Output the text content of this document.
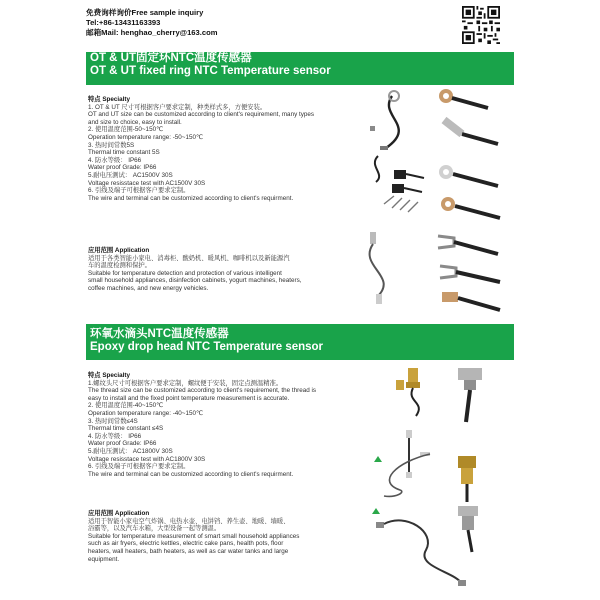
免费询样询价Free sample inquiry
Tel:+86-13431163393
邮箱Mail: henghao_cherry@163.com
OT & UT固定环NTC温度传感器
OT & UT fixed ring NTC Temperature sensor
特点 Specialty
1. OT & UT 尺寸可根据客户要求定制，种类样式多，方便安装。
OT and UT size can be customized according to client's requirement, many types
and size to choice, easy to install.
2. 使用温度范围-50~150℃
Operation temperature range: -50~150℃
3. 热时间常数5S
Thermal time constant 5S
4. 防水等级： IP66
Water proof Grade: IP66
5.耐电压测试： AC1500V 30S
Voltage resisstace test with AC1500V 30S
6. 引线及端子可根据客户要求定制。
The wire and terminal can be customized according to client's requirment.
应用范围 Application
适用于各类智能小家电、消毒柜、酸奶机、暖风机、咖啡机以及新能源汽
车的温度检测和保护。
Suitable for temperature detection and protection of various intelligent
small household appliances, disinfection cabinets, yogurt machines, heaters,
coffee machines, and new energy vehicles.
环氧水滴头NTC温度传感器
Epoxy drop head NTC Temperature sensor
特点 Specialty
1.螺纹头尺寸可根据客户要求定制，螺纹便于安装，固定点测温精准。
The thread size can be customized according to client's requirement, the thread is
easy to install and the fixed point temperature measurement is accurate.
2. 使用温度范围-40~150℃
Operation temperature range: -40~150℃
3. 热时间常数≤4S
Thermal time constant ≤4S
4. 防水等级： IP66
Water proof Grade: IP66
5.耐电压测试： AC1800V 30S
Voltage resisstace test with AC1800V 30S
6. 引线及端子可根据客户要求定制。
The wire and terminal can be customized according to client's requirment.
应用范围 Application
适用于智能小家电空气炸锅、电热水壶、电饼铛、养生壶、地暖、墙暖、
浴霸等，以及汽车水箱，大型设备一起等测温。
Suitable for temperature measurement of smart small household appliances
such as air fryers, electric kettles, electric cake pans, health pots, floor
heaters, wall heaters, bath heaters, as well as car water tanks and large
equipment.
